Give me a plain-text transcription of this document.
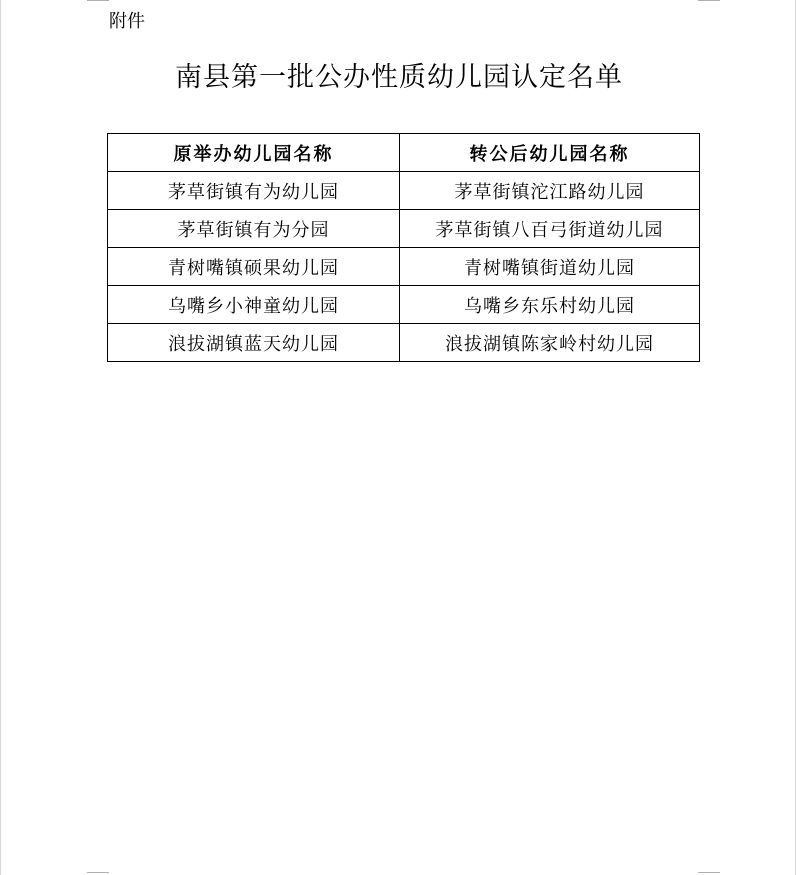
附件
南县第一批公办性质幼儿园认定名单
原举办幼儿园名称	转公后幼儿园名称
茅草街镇有为幼儿园	茅草街镇沱江路幼儿园
茅草街镇有为分园	茅草街镇八百弓街道幼儿园
青树嘴镇硕果幼儿园	青树嘴镇街道幼儿园
乌嘴乡小神童幼儿园	乌嘴乡东乐村幼儿园
浪拔湖镇蓝天幼儿园	浪拔湖镇陈家岭村幼儿园
